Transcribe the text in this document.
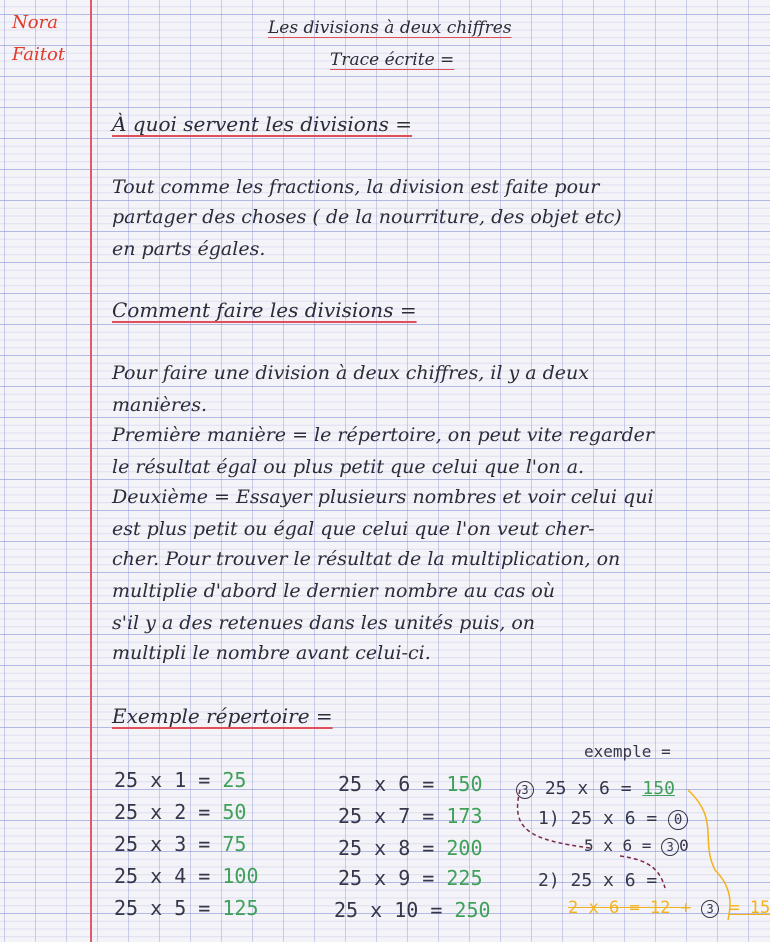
Nora
Faitot
Les divisions à deux chiffres
Trace écrite =
À quoi servent les divisions =
Tout comme les fractions, la division est faite pour
partager des choses ( de la nourriture, des objet etc)
en parts égales.
Comment faire les divisions =
Pour faire une division à deux chiffres, il y a deux
manières.
Première manière = le répertoire, on peut vite regarder
le résultat égal ou plus petit que celui que l'on a.
Deuxième = Essayer plusieurs nombres et voir celui qui
est plus petit ou égal que celui que l'on veut cher-
cher. Pour trouver le résultat de la multiplication, on
multiplie d'abord le dernier nombre au cas où
s'il y a des retenues dans les unités puis, on
multipli le nombre avant celui-ci.
Exemple répertoire =
25 x 1 = 25
25 x 2 = 50
25 x 3 = 75
25 x 4 = 100
25 x 5 = 125
25 x 6 = 150
25 x 7 = 173
25 x 8 = 200
25 x 9 = 225
25 x 10 = 250
exemple =
3 25 x 6 = 150
1) 25 x 6 = 0
5 x 6 = 3 0
2) 25 x 6 =
2 x 6 = 12 + 3 = 15
